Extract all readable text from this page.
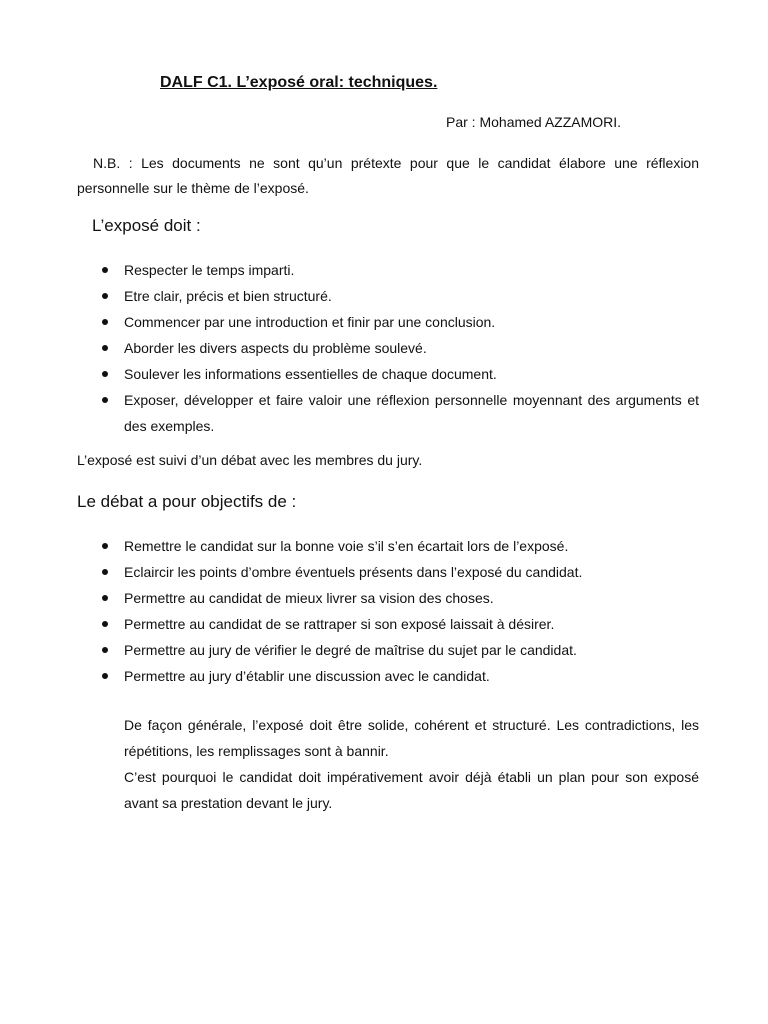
DALF C1. L’exposé oral: techniques.
Par : Mohamed AZZAMORI.
N.B. : Les documents ne sont qu’un prétexte pour que le candidat élabore une réflexion personnelle sur le thème de l’exposé.
L’exposé doit :
Respecter le temps imparti.
Etre clair, précis et bien structuré.
Commencer par une introduction et finir par une conclusion.
Aborder les divers aspects du problème soulevé.
Soulever les informations essentielles de chaque document.
Exposer, développer et faire valoir une réflexion personnelle moyennant des arguments et des exemples.
L’exposé est suivi d’un débat avec les membres du jury.
Le débat a pour objectifs de :
Remettre le candidat sur la bonne voie s’il s’en écartait lors de l’exposé.
Eclaircir les points d’ombre éventuels présents dans l’exposé du candidat.
Permettre au candidat de mieux livrer sa vision des choses.
Permettre au candidat de se rattraper si son exposé laissait à désirer.
Permettre au jury de vérifier le degré de maîtrise du sujet par le candidat.
Permettre au jury d’établir une discussion avec le candidat.

De façon générale, l’exposé doit être solide, cohérent et structuré. Les contradictions, les répétitions, les remplissages sont à bannir.

C’est pourquoi le candidat doit impérativement avoir déjà établi un plan pour son exposé avant sa prestation devant le jury.
